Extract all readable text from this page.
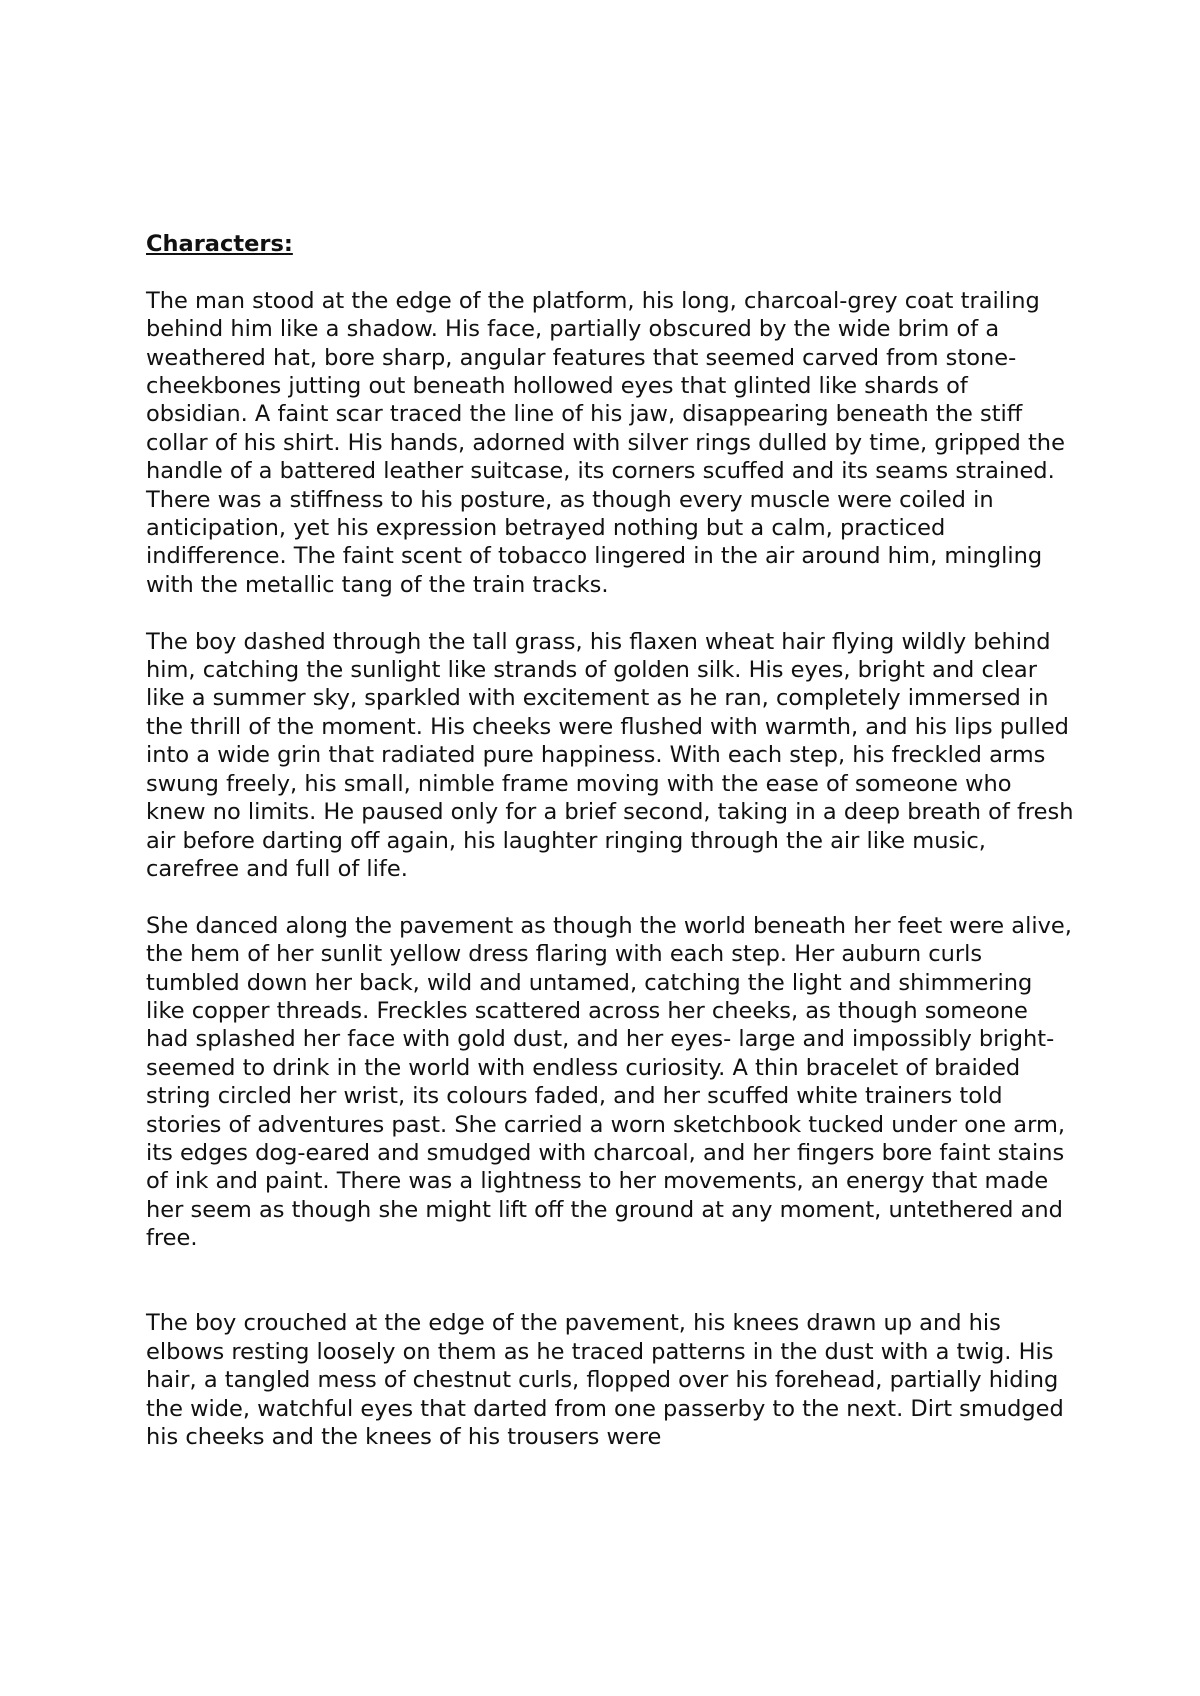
Characters:

The man stood at the edge of the platform, his long, charcoal-grey coat trailing behind him like a shadow. His face, partially obscured by the wide brim of a weathered hat, bore sharp, angular features that seemed carved from stone- cheekbones jutting out beneath hollowed eyes that glinted like shards of obsidian. A faint scar traced the line of his jaw, disappearing beneath the stiff collar of his shirt. His hands, adorned with silver rings dulled by time, gripped the handle of a battered leather suitcase, its corners scuffed and its seams strained. There was a stiffness to his posture, as though every muscle were coiled in anticipation, yet his expression betrayed nothing but a calm, practiced indifference. The faint scent of tobacco lingered in the air around him, mingling with the metallic tang of the train tracks.

The boy dashed through the tall grass, his flaxen wheat hair flying wildly behind him, catching the sunlight like strands of golden silk. His eyes, bright and clear like a summer sky, sparkled with excitement as he ran, completely immersed in the thrill of the moment. His cheeks were flushed with warmth, and his lips pulled into a wide grin that radiated pure happiness. With each step, his freckled arms swung freely, his small, nimble frame moving with the ease of someone who knew no limits. He paused only for a brief second, taking in a deep breath of fresh air before darting off again, his laughter ringing through the air like music, carefree and full of life.

She danced along the pavement as though the world beneath her feet were alive, the hem of her sunlit yellow dress flaring with each step. Her auburn curls tumbled down her back, wild and untamed, catching the light and shimmering like copper threads. Freckles scattered across her cheeks, as though someone had splashed her face with gold dust, and her eyes- large and impossibly bright- seemed to drink in the world with endless curiosity. A thin bracelet of braided string circled her wrist, its colours faded, and her scuffed white trainers told stories of adventures past. She carried a worn sketchbook tucked under one arm, its edges dog-eared and smudged with charcoal, and her fingers bore faint stains of ink and paint. There was a lightness to her movements, an energy that made her seem as though she might lift off the ground at any moment, untethered and free.

The boy crouched at the edge of the pavement, his knees drawn up and his elbows resting loosely on them as he traced patterns in the dust with a twig. His hair, a tangled mess of chestnut curls, flopped over his forehead, partially hiding the wide, watchful eyes that darted from one passerby to the next. Dirt smudged his cheeks and the knees of his trousers were
